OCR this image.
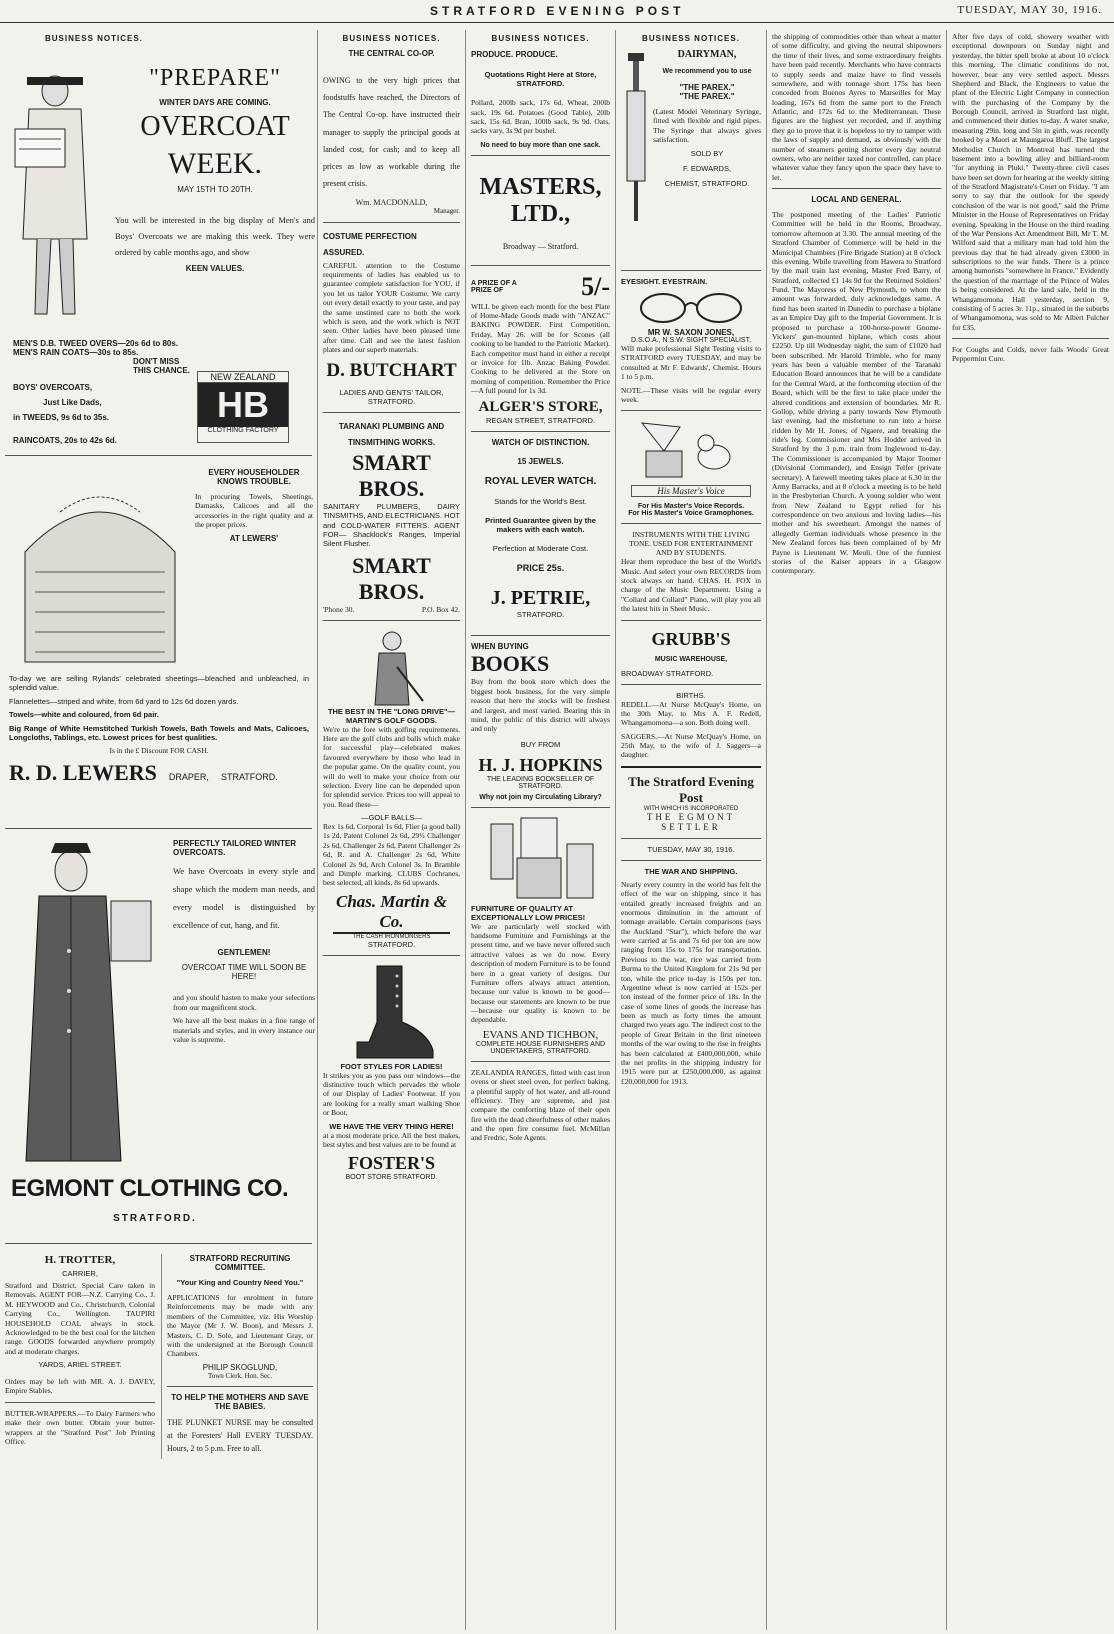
STRATFORD EVENING POST	TUESDAY, MAY 30, 1916.
BUSINESS NOTICES.
"PREPARE"
WINTER DAYS ARE COMING.
OVERCOAT
WEEK.
MAY 15TH TO 20TH.

You will be interested in the big display of Men's and Boys' Overcoats we are making this week. They were ordered by cable months ago, and show

KEEN VALUES.
MEN'S D.B. TWEED OVERS—20s 6d to 80s.
MEN'S RAIN COATS—30s to 85s.
DON'T MISS THIS CHANCE.
BOYS' OVERCOATS,
Just Like Dads,
in TWEEDS, 9s 6d to 35s.
RAINCOATS, 20s to 42s 6d.
NEW ZEALAND
HB
CLOTHING FACTORY
EVERY HOUSEHOLDER KNOWS TROUBLE.

In procuring Towels, Sheetings, Damasks, Calicoes and all the accessories in the right quality and at the proper prices.

AT LEWERS'

To-day we are selling Rylands' celebrated sheetings—bleached and unbleached, in splendid value.

Flannelettes—striped and white, from 6d yard to 12s 6d dozen yards.

Towels—white and coloured, from 6d pair.

Big Range of White Hemstitched Turkish Towels, Bath Towels and Mats, Calicoes, Longcloths, Tablings, etc. Lowest prices for best qualities.

Is in the £ Discount FOR CASH.

R. D. LEWERS DRAPER, STRATFORD.
PERFECTLY TAILORED WINTER OVERCOATS.

We have Overcoats in every style and shape which the modern man needs, and every model is distinguished by excellence of cut, hang, and fit.

GENTLEMEN!
OVERCOAT TIME WILL SOON BE HERE!

and you should hasten to make your selections from our magnificent stock.

We have all the best makes in a fine range of materials and styles, and in every instance our value is supreme.

EGMONT CLOTHING CO.
STRATFORD.
H. TROTTER,
CARRIER,

Stratford and District. Special Care taken in Removals. AGENT FOR—N.Z. Carrying Co., J. M. HEYWOOD and Co., Christchurch, Colonial Carrying Co., Wellington. TAUPIRI HOUSEHOLD COAL always in stock. Acknowledged to be the best coal for the kitchen range. GOODS forwarded anywhere promptly and at moderate charges.

YARDS, ARIEL STREET.

Orders may be left with MR. A. J. DAVEY, Empire Stables.

BUTTER-WRAPPERS.—To Dairy Farmers who make their own butter. Obtain your butter-wrappers at the "Stratford Post" Job Printing Office.

STRATFORD RECRUITING COMMITTEE.
"Your King and Country Need You."

APPLICATIONS for enrolment in future Reinforcements may be made with any members of the Committee, viz. His Worship the Mayor (Mr J. W. Boon), and Messrs J. Masters, C. D. Sole, and Lieutenant Gray, or with the undersigned at the Borough Council Chambers.

PHILIP SKOGLUND,
Town Clerk. Hon. Sec.
TO HELP THE MOTHERS AND SAVE THE BABIES.

THE PLUNKET NURSE may be consulted at the Foresters' Hall EVERY TUESDAY. Hours, 2 to 5 p.m. Free to all.

BUSINESS NOTICES.
THE CENTRAL CO-OP.

OWING to the very high prices that foodstuffs have reached, the Directors of The Central Co-op. have instructed their manager to supply the principal goods at landed cost, for cash; and to keep all prices as low as workable during the present crisis.

Wm. MACDONALD,
Manager.
COSTUME PERFECTION ASSURED.

CAREFUL attention to the Costume requirements of ladies has enabled us to guarantee complete satisfaction for YOU, if you let us tailor YOUR Costume. We carry out every detail exactly to your taste, and pay the same unstinted care to both the work which is seen, and the work which is NOT seen. Other ladies have been pleased time after time. Call and see the latest fashion plates and our superb materials.

D. BUTCHART
LADIES AND GENTS' TAILOR, STRATFORD.
TARANAKI PLUMBING AND TINSMITHING WORKS.
SMART BROS.

SANITARY PLUMBERS, DAIRY TINSMITHS, AND ELECTRICIANS. HOT and COLD-WATER FITTERS. AGENT FOR— Shacklock's Ranges, Imperial Silent Flusher.

SMART BROS.
'Phone 30.	P.O. Box 42.
THE BEST IN THE "LONG DRIVE"— MARTIN'S GOLF GOODS.

We're to the fore with golfing requirements. Here are the golf clubs and balls which make for successful play—celebrated makes favoured everywhere by those who lead in the popular game. On the quality count, you will do well to make your choice from our selection. Every line can be depended upon for splendid service. Prices too will appeal to you. Read these—

—GOLF BALLS—

Rex 1s 6d, Corporal 1s 6d, Flier (a good ball) 1s 2d, Patent Colonel 2s 6d, 29½ Challenger 2s 6d, Challenger 2s 6d, Patent Challenger 2s 6d, R. and A. Challenger 2s 6d, White Colonel 2s 9d, Arch Colonel 3s. In Bramble and Dimple marking. CLUBS Cochranes, best selected, all kinds, 8s 6d upwards.

Chas. Martin & Co.
THE CASH IRONMONGERS
STRATFORD.
FOOT STYLES FOR LADIES!

It strikes you as you pass our windows—the distinctive touch which pervades the whole of our Display of Ladies' Footwear. If you are looking for a really smart walking Shoe or Boot,

WE HAVE THE VERY THING HERE!

at a most moderate price. All the best makes, best styles and best values are to be found at

FOSTER'S
BOOT STORE STRATFORD.
BUSINESS NOTICES.
PRODUCE. PRODUCE.
Quotations Right Here at Store, STRATFORD.

Pollard, 200lb sack, 17s 6d. Wheat, 200lb sack, 19s 6d. Potatoes (Good Table), 20lb sack, 15s 6d. Bran, 100lb sack, 9s 9d. Oats, sacks vary, 3s 9d per bushel.

No need to buy more than one sack.
MASTERS,
LTD.,
Broadway — Stratford.
A PRIZE OF A PRIZE OF	5/-

WILL be given each month for the best Plate of Home-Made Goods made with "ANZAC" BAKING POWDER. First Competition, Friday, May 26. will be for Scones (all cooking to be handed to the Patriotic Market). Each competitor must hand in either a receipt or invoice for 1lb. Anzac Baking Powder. Cooking to be delivered at the Store on morning of competition. Remember the Price—A full pound for 1s 3d.

ALGER'S STORE,
REGAN STREET, STRATFORD.
WATCH OF DISTINCTION.
15 JEWELS.
ROYAL LEVER WATCH.
Stands for the World's Best.
Printed Guarantee given by the makers with each watch.
Perfection at Moderate Cost.
PRICE 25s.
J. PETRIE,
STRATFORD.
WHEN BUYING
BOOKS

Buy from the book store which does the biggest book business, for the very simple reason that here the stocks will be freshest and largest, and most varied. Bearing this in mind, the public of this district will always and only

BUY FROM
H. J. HOPKINS
THE LEADING BOOKSELLER OF STRATFORD.
Why not join my Circulating Library?
FURNITURE OF QUALITY AT EXCEPTIONALLY LOW PRICES!

We are particularly well stocked with handsome Furniture and Furnishings at the present time, and we have never offered such attractive values as we do now. Every description of modern Furniture is to be found here in a great variety of designs. Our Furniture offers always attract attention, because our value is known to be good—because our statements are known to be true—because our quality is known to be dependable.

EVANS AND TICHBON,
COMPLETE HOUSE FURNISHERS AND UNDERTAKERS, STRATFORD.

ZEALANDIA RANGES, fitted with cast iron ovens or sheet steel oven, for perfect baking, a plentiful supply of hot water, and all-round efficiency. They are supreme, and just compare the comforting blaze of their open fire with the dead cheerfulness of other makes and the open fire consume fuel. McMillan and Fredric, Sole Agents.

BUSINESS NOTICES.
DAIRYMAN,
We recommend you to use
"THE PAREX."
"THE PAREX."

(Latest Model Veterinary Syringe, fitted with flexible and rigid pipes. The Syringe that always gives satisfaction.

SOLD BY
F. EDWARDS,
CHEMIST, STRATFORD.
EYESIGHT. EYESTRAIN.
MR W. SAXON JONES,
D.S.O.A., N.S.W. SIGHT SPECIALIST,

Will make professional Sight Testing visits to STRATFORD every TUESDAY, and may be consulted at Mr F. Edwards', Chemist. Hours 1 to 5 p.m.

NOTE.—These visits will be regular every week.

His Master's Voice
For His Master's Voice Records.
For His Master's Voice Gramophones.
INSTRUMENTS WITH THE LIVING TONE. USED FOR ENTERTAINMENT AND BY STUDENTS.

Hear them reproduce the best of the World's Music. And select your own RECORDS from stock always on hand. CHAS. H. FOX in charge of the Music Department. Using a "Collard and Collard" Piano, will play you all the latest hits in Sheet Music.

GRUBB'S
MUSIC WAREHOUSE,
BROADWAY STRATFORD.
BIRTHS.

REDELL.—At Nurse McQuay's Home, on the 30th May, to Mrs A. F. Redell, Whangamomona—a son. Both doing well.

SAGGERS.—At Nurse McQuay's Home, on 25th May, to the wife of J. Saggers—a daughter.

The Stratford Evening Post
WITH WHICH IS INCORPORATED
THE EGMONT SETTLER
TUESDAY, MAY 30, 1916.
THE WAR AND SHIPPING.

Nearly every country in the world has felt the effect of the war on shipping, since it has entailed greatly increased freights and an enormous diminution in the amount of tonnage available. Certain comparisons (says the Auckland "Star"), which before the war were carried at 5s and 7s 6d per ton are now ranging from 15s to 175s for transportation. Previous to the war, rice was carried from Burma to the United Kingdom for 21s 9d per ton, while the price to-day is 150s per ton. Argentine wheat is now carried at 152s per ton instead of the former price of 18s. In the case of some lines of goods the increase has been as much as forty times the amount charged two years ago. The indirect cost to the people of Great Britain in the first nineteen months of the war owing to the rise in freights has been calculated at £400,000,000, while the net profits in the shipping industry for 1915 were put at £250,000,000, as against £20,000,000 for 1913.

the shipping of commodities other than wheat a matter of some difficulty, and giving the neutral shipowners the time of their lives, and some extraordinary freights have been paid recently. Merchants who have contracts to supply seeds and maize have to find vessels somewhere, and with tonnage short 175s has been conceded from Buenos Ayres to Marseilles for May loading, 167s 6d from the same port to the French Atlantic, and 172s 6d to the Mediterranean. These figures are the highest yet recorded, and if anything they go to prove that it is hopeless to try to tamper with the laws of supply and demand, as obviously with the number of steamers getting shorter every day neutral owners, who are neither taxed nor controlled, can place whatever value they fancy upon the space they have to let.

LOCAL AND GENERAL.

The postponed meeting of the Ladies' Patriotic Committee will be held in the Rooms, Broadway, tomorrow afternoon at 3.30. The annual meeting of the Stratford Chamber of Commerce will be held in the Municipal Chambers (Fire Brigade Station) at 8 o'clock this evening. While travelling from Hawera to Stratford by the mail train last evening, Master Fred Barry, of Stratford, collected £1 14s 9d for the Returned Soldiers' Fund. The Mayoress of New Plymouth, to whom the amount was forwarded, duly acknowledges same. A fund has been started in Dunedin to purchase a biplane as an Empire Day gift to the Imperial Government. It is proposed to purchase a 100-horse-power Gnome-Vickers' gun-mounted biplane, which costs about £2250. Up till Wednesday night, the sum of £1020 had been subscribed. Mr Harold Trimble, who for many years has been a valuable member of the Taranaki Education Board announces that he will be a candidate for the Central Ward, at the forthcoming election of the Board, which will be the first to take place under the altered conditions and extension of boundaries. Mr R. Gollop, while driving a party towards New Plymouth last evening, had the misfortune to run into a horse ridden by Mr H. Jones, of Ngaere, and breaking the ride's leg. Commissioner and Mrs Hodder arrived in Stratford by the 3 p.m. train from Inglewood to-day. The Commissioner is accompanied by Major Toomer (Divisional Commander), and Ensign Telfer (private secretary). A farewell meeting takes place at 6.30 in the Army Barracks, and at 8 o'clock a meeting is to be held in the Presbyterian Church. A young soldier who went from New Zealand to Egypt relied for his correspondence on two anxious and loving ladies—his mother and his sweetheart. Amongst the names of allegedly German individuals whose presence in the New Zealand forces has been complained of by Mr Payne is Lieutenant W. Meuli. One of the funniest stories of the Kaiser appears in a Glasgow contemporary.

After five days of cold, showery weather with exceptional downpours on Sunday night and yesterday, the bitter spell broke at about 10 o'clock this morning. The climatic conditions do not, however, bear any very settled aspect. Messrs Shepherd and Black, the Engineers to value the plant of the Electric Light Company in connection with the purchasing of the Company by the Borough Council, arrived in Stratford last night, and commenced their duties to-day. A water snake, measuring 29in. long and 5in in girth, was recently hooked by a Maori at Maungaroa Bluff. The largest Methodist Church in Montreal has turned the basement into a bowling alley and billiard-room "for anything in Pluki." Twenty-three civil cases have been set down for hearing at the weekly sitting of the Stratford Magistrate's Court on Friday. "I am sorry to say that the outlook for the speedy conclusion of the war is not good," said the Prime Minister in the House of Representatives on Friday evening. Speaking in the House on the third reading of the War Pensions Act Amendment Bill, Mr T. M. Wilford said that a military man had told him the previous day that he had already given £3000 in subscriptions to the war funds. There is a prince among humorists "somewhere in France." Evidently the question of the marriage of the Prince of Wales is being considered. At the land sale, held in the Whangamomona Hall yesterday, section 9, consisting of 5 acres 3r. 11p., situated in the suburbs of Whangamomona, was sold to Mr Albert Fulcher for £35.

For Coughs and Colds, never fails Woods' Great Peppermint Cure.
